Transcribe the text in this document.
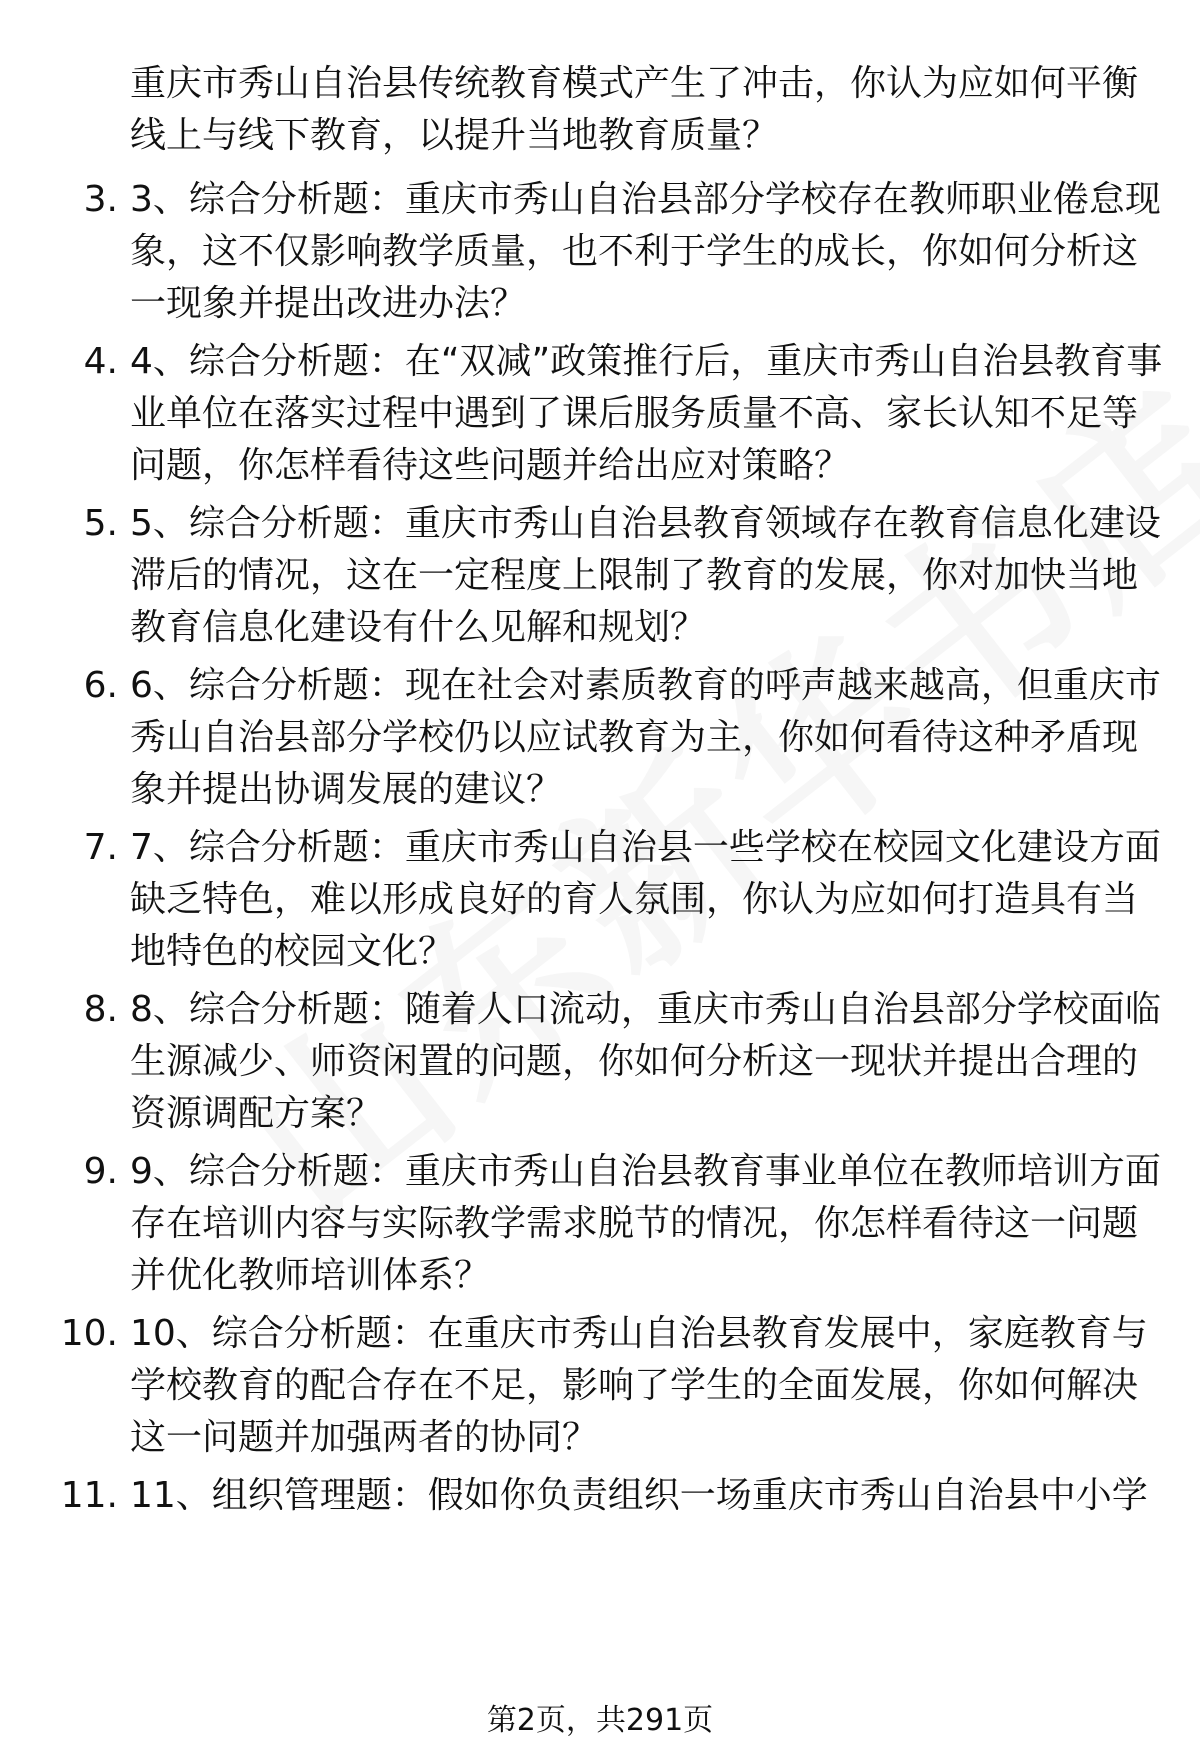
重庆市秀山自治县传统教育模式产生了冲击，你认为应如何平衡线上与线下教育，以提升当地教育质量？

3. 3、综合分析题：重庆市秀山自治县部分学校存在教师职业倦怠现象，这不仅影响教学质量，也不利于学生的成长，你如何分析这一现象并提出改进办法？

4. 4、综合分析题：在“双减”政策推行后，重庆市秀山自治县教育事业单位在落实过程中遇到了课后服务质量不高、家长认知不足等问题，你怎样看待这些问题并给出应对策略？

5. 5、综合分析题：重庆市秀山自治县教育领域存在教育信息化建设滞后的情况，这在一定程度上限制了教育的发展，你对加快当地教育信息化建设有什么见解和规划？

6. 6、综合分析题：现在社会对素质教育的呼声越来越高，但重庆市秀山自治县部分学校仍以应试教育为主，你如何看待这种矛盾现象并提出协调发展的建议？

7. 7、综合分析题：重庆市秀山自治县一些学校在校园文化建设方面缺乏特色，难以形成良好的育人氛围，你认为应如何打造具有当地特色的校园文化？

8. 8、综合分析题：随着人口流动，重庆市秀山自治县部分学校面临生源减少、师资闲置的问题，你如何分析这一现状并提出合理的资源调配方案？

9. 9、综合分析题：重庆市秀山自治县教育事业单位在教师培训方面存在培训内容与实际教学需求脱节的情况，你怎样看待这一问题并优化教师培训体系？

10. 10、综合分析题：在重庆市秀山自治县教育发展中，家庭教育与学校教育的配合存在不足，影响了学生的全面发展，你如何解决这一问题并加强两者的协同？

11. 11、组织管理题：假如你负责组织一场重庆市秀山自治县中小学

第2页，共291页
